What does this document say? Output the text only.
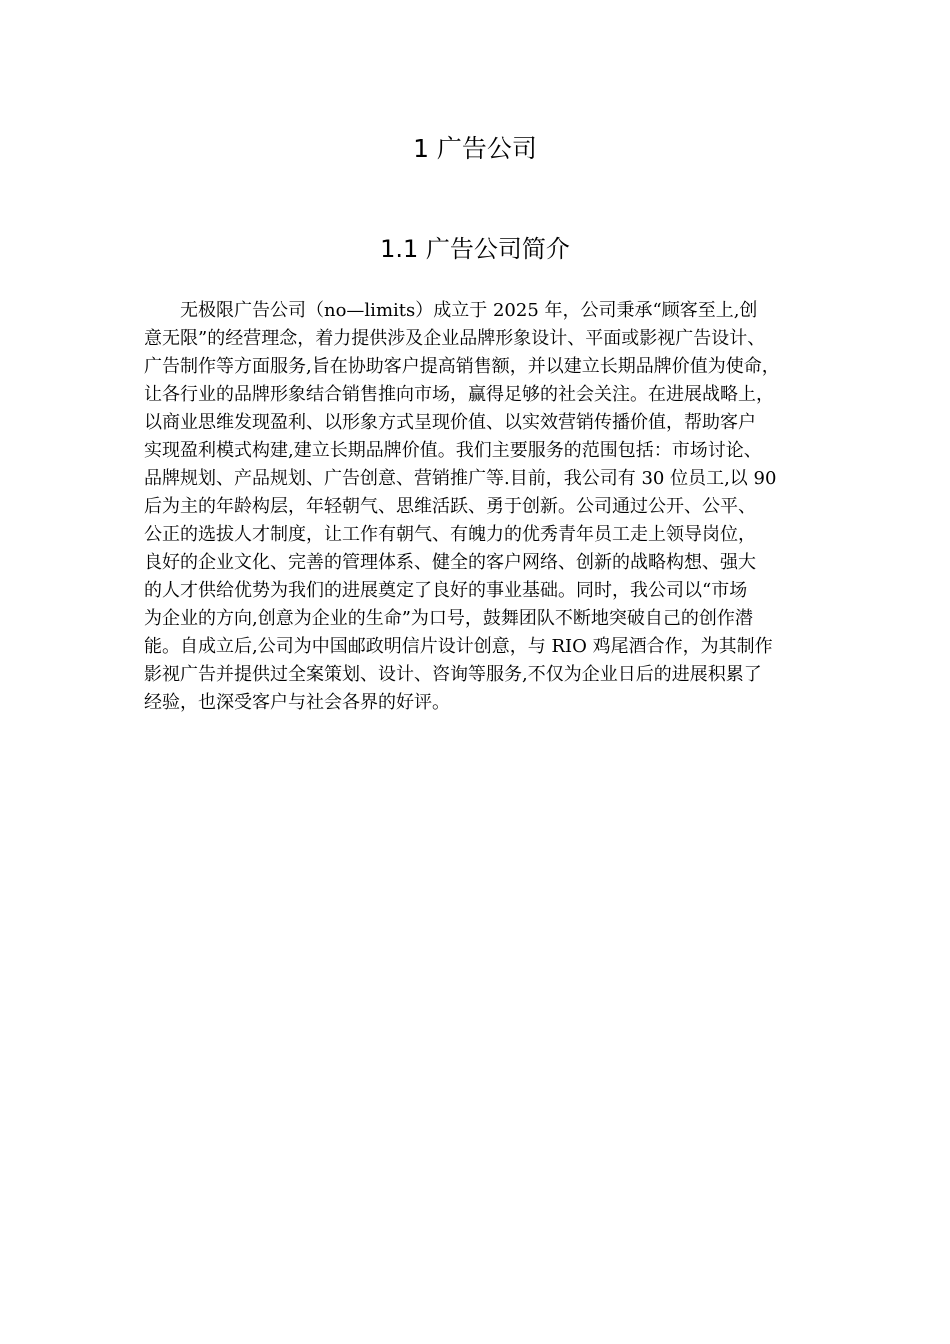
1 广告公司
1.1 广告公司简介
无极限广告公司（no—limits）成立于 2025 年，公司秉承“顾客至上,创
意无限”的经营理念，着力提供涉及企业品牌形象设计、平面或影视广告设计、
广告制作等方面服务,旨在协助客户提高销售额，并以建立长期品牌价值为使命，
让各行业的品牌形象结合销售推向市场，赢得足够的社会关注。在进展战略上，
以商业思维发现盈利、以形象方式呈现价值、以实效营销传播价值，帮助客户
实现盈利模式构建,建立长期品牌价值。我们主要服务的范围包括：市场讨论、
品牌规划、产品规划、广告创意、营销推广等.目前，我公司有 30 位员工,以 90
后为主的年龄构层，年轻朝气、思维活跃、勇于创新。公司通过公开、公平、
公正的选拔人才制度，让工作有朝气、有魄力的优秀青年员工走上领导岗位，
良好的企业文化、完善的管理体系、健全的客户网络、创新的战略构想、强大
的人才供给优势为我们的进展奠定了良好的事业基础。同时，我公司以“市场
为企业的方向,创意为企业的生命”为口号，鼓舞团队不断地突破自己的创作潜
能。自成立后,公司为中国邮政明信片设计创意，与 RIO 鸡尾酒合作，为其制作
影视广告并提供过全案策划、设计、咨询等服务,不仅为企业日后的进展积累了
经验，也深受客户与社会各界的好评。
